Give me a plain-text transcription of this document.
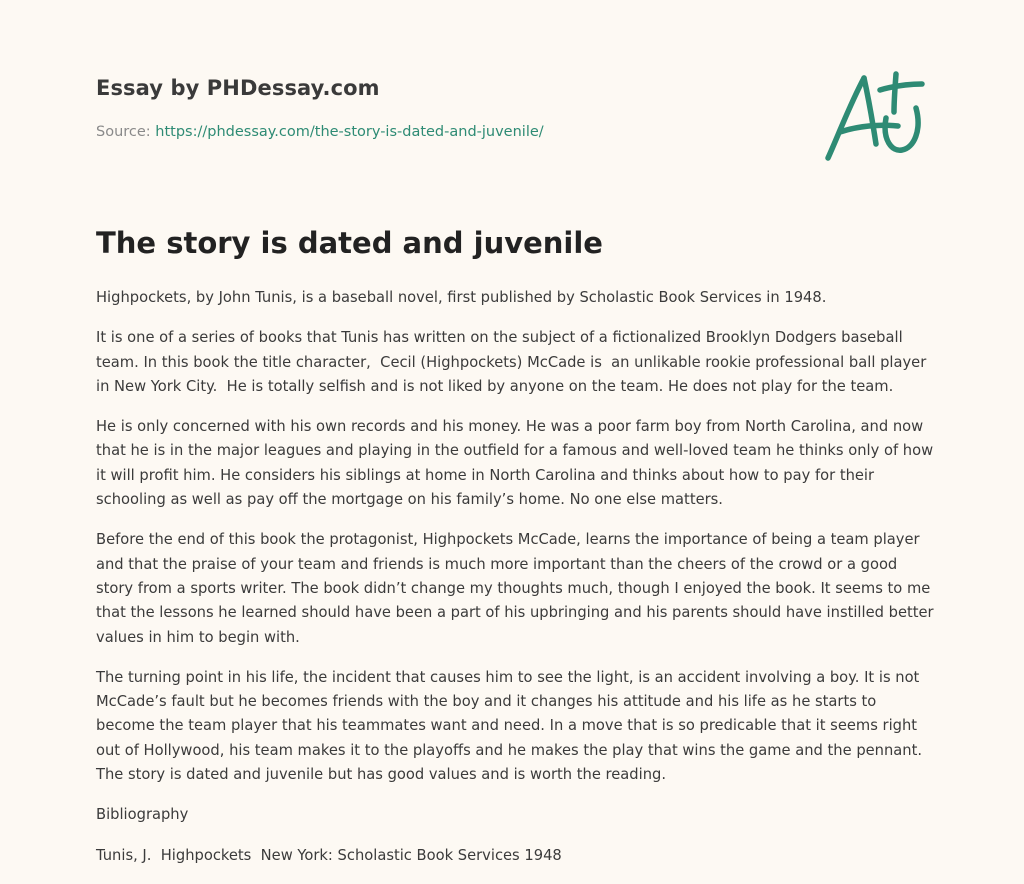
Essay by PHDessay.com
Source: https://phdessay.com/the-story-is-dated-and-juvenile/
The story is dated and juvenile

Highpockets, by John Tunis, is a baseball novel, first published by Scholastic Book Services in 1948.

It is one of a series of books that Tunis has written on the subject of a fictionalized Brooklyn Dodgers baseball team. In this book the title character,  Cecil (Highpockets) McCade is  an unlikable rookie professional ball player in New York City.  He is totally selfish and is not liked by anyone on the team. He does not play for the team.

He is only concerned with his own records and his money. He was a poor farm boy from North Carolina, and now that he is in the major leagues and playing in the outfield for a famous and well-loved team he thinks only of how it will profit him. He considers his siblings at home in North Carolina and thinks about how to pay for their schooling as well as pay off the mortgage on his family’s home. No one else matters.

Before the end of this book the protagonist, Highpockets McCade, learns the importance of being a team player and that the praise of your team and friends is much more important than the cheers of the crowd or a good story from a sports writer. The book didn’t change my thoughts much, though I enjoyed the book. It seems to me that the lessons he learned should have been a part of his upbringing and his parents should have instilled better values in him to begin with.

The turning point in his life, the incident that causes him to see the light, is an accident involving a boy. It is not McCade’s fault but he becomes friends with the boy and it changes his attitude and his life as he starts to become the team player that his teammates want and need. In a move that is so predicable that it seems right out of Hollywood, his team makes it to the playoffs and he makes the play that wins the game and the pennant. The story is dated and juvenile but has good values and is worth the reading.

Bibliography

Tunis, J.  Highpockets  New York: Scholastic Book Services 1948
